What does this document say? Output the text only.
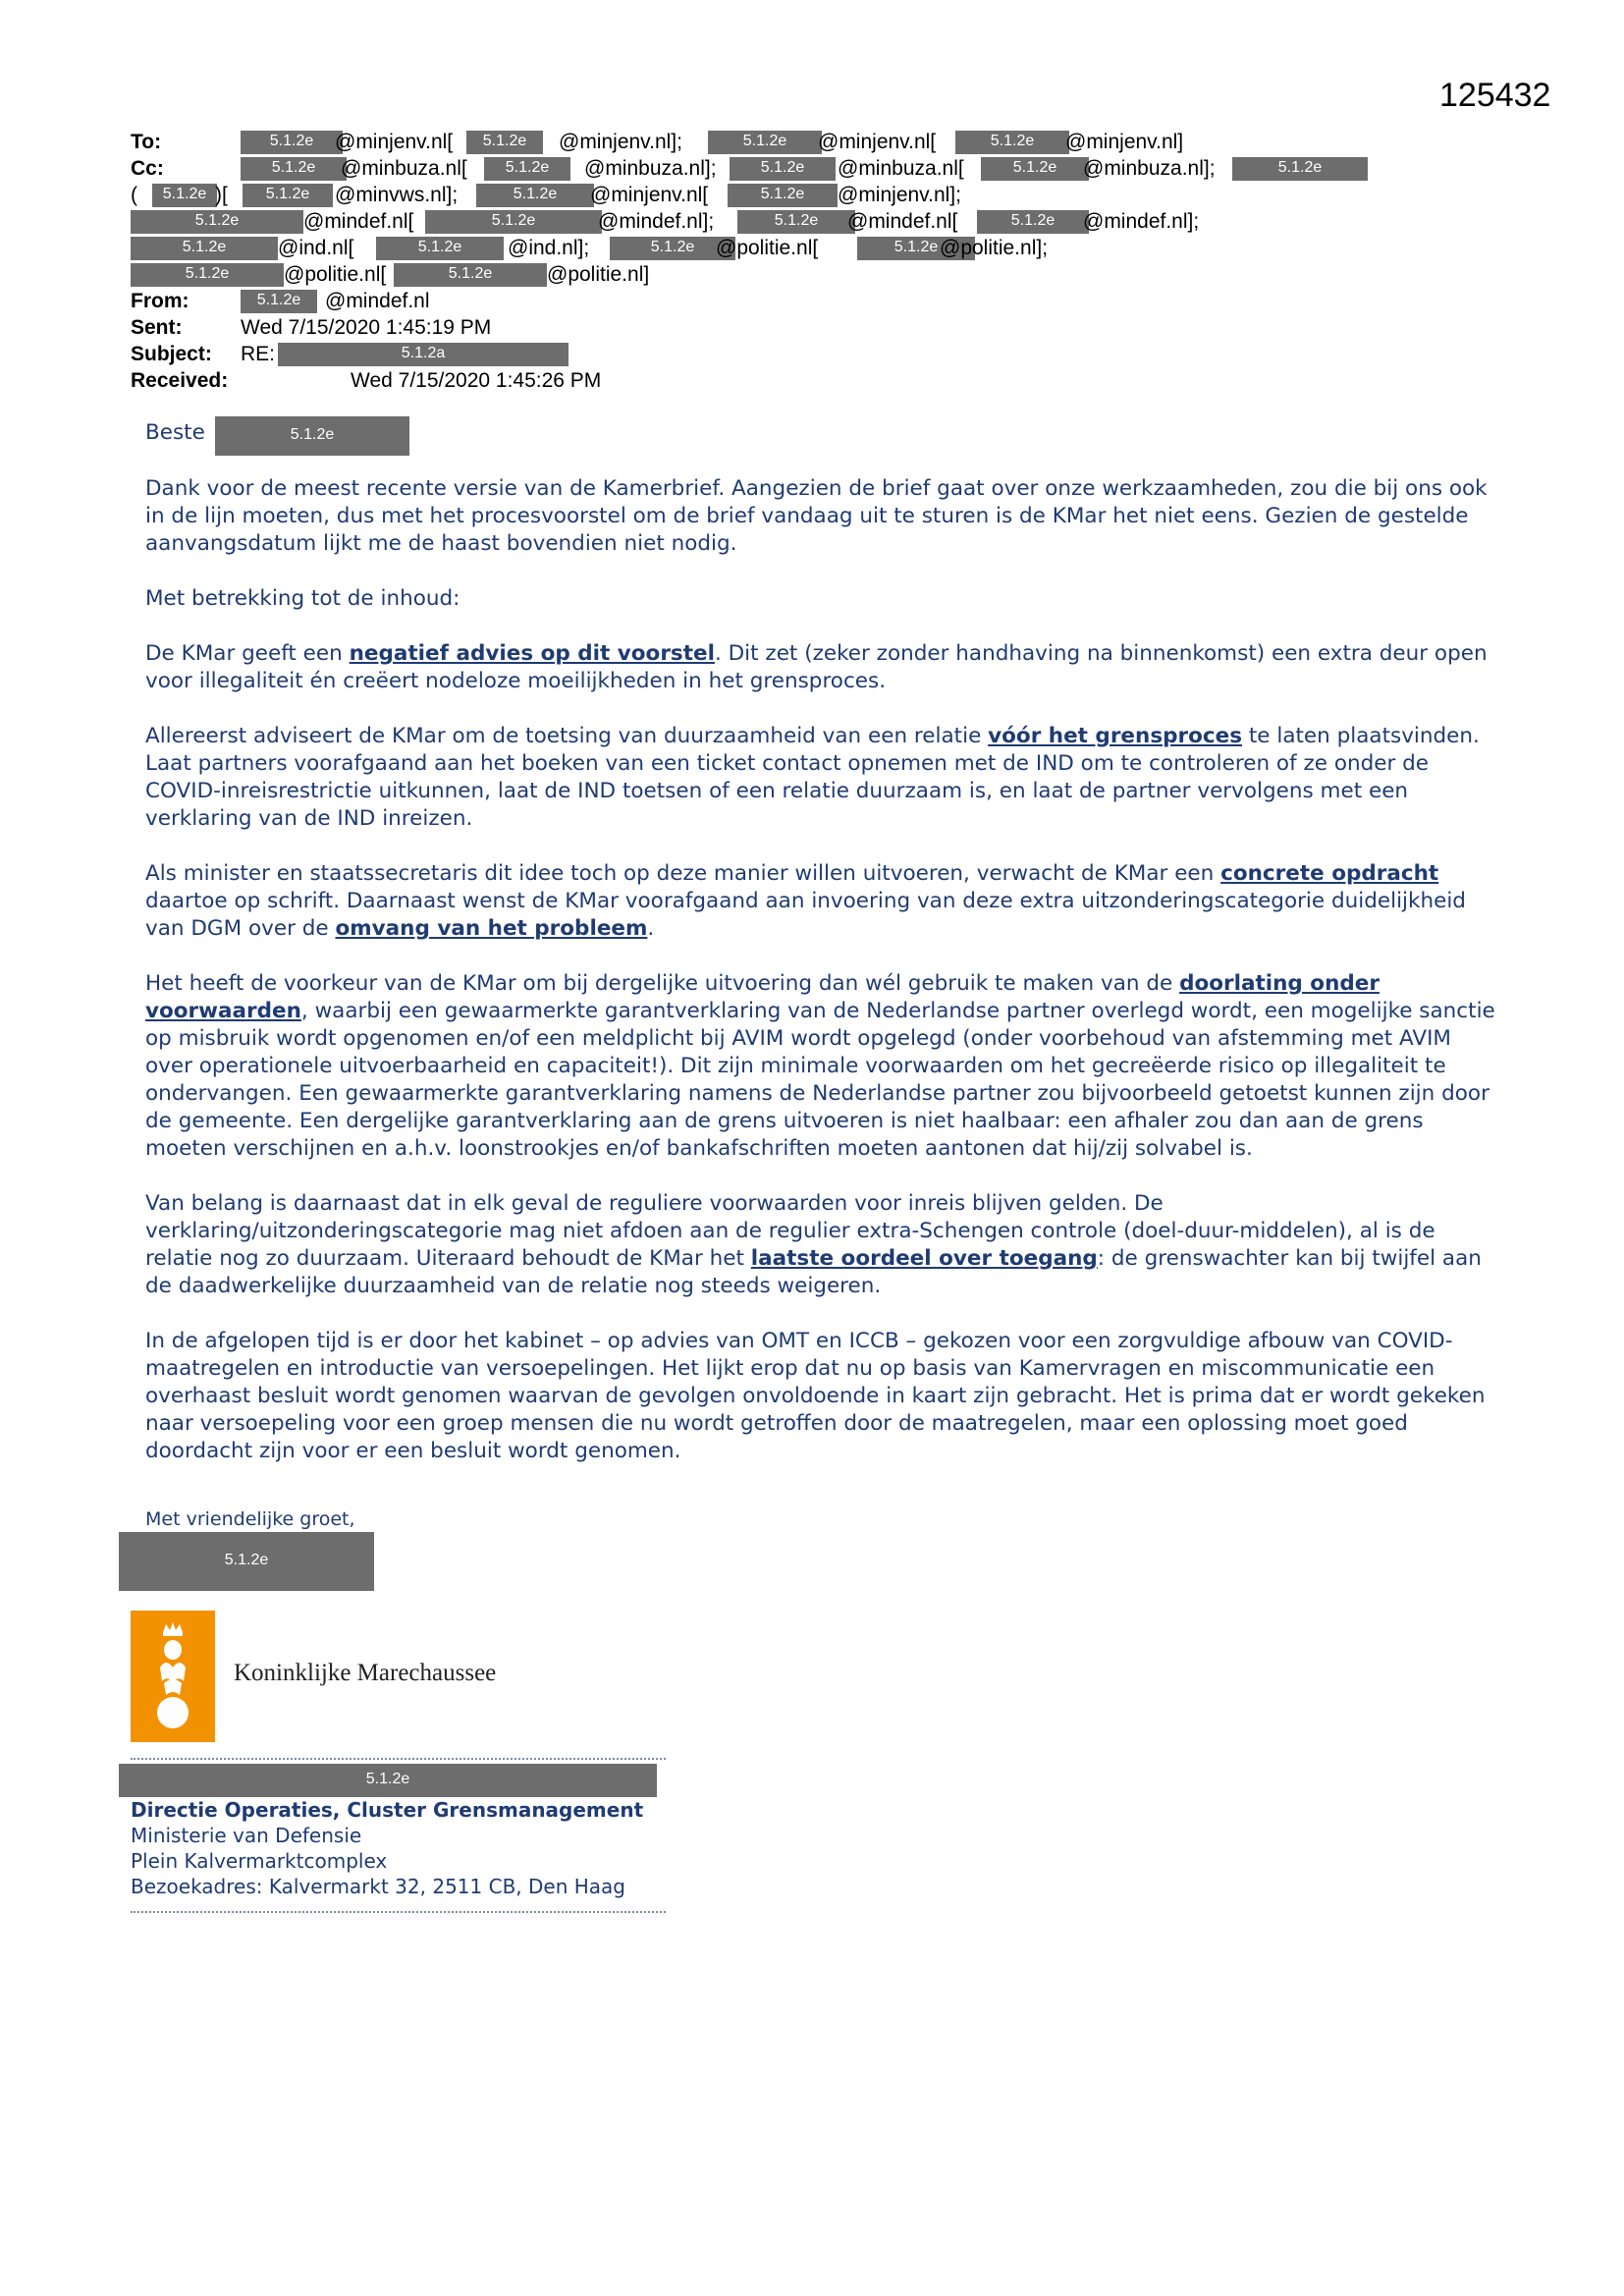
125432
To:	5.1.2e	@minjenv.nl[	5.1.2e	@minjenv.nl];	5.1.2e	@minjenv.nl[	5.1.2e	@minjenv.nl]
Cc:	5.1.2e	@minbuza.nl[	5.1.2e	@minbuza.nl];	5.1.2e	@minbuza.nl[	5.1.2e	@minbuza.nl];	5.1.2e
(	5.1.2e )[	5.1.2e	@minvws.nl];	5.1.2e	@minjenv.nl[	5.1.2e	@minjenv.nl];
5.1.2e	@mindef.nl[	5.1.2e	@mindef.nl];	5.1.2e	@mindef.nl[	5.1.2e	@mindef.nl];
5.1.2e	@ind.nl[	5.1.2e	@ind.nl];	5.1.2e	@politie.nl[	5.1.2e @politie.nl];
5.1.2e	@politie.nl[	5.1.2e	@politie.nl]
From:	5.1.2e	@mindef.nl
Sent:	Wed 7/15/2020 1:45:19 PM
Subject: RE:	5.1.2a
Received:	Wed 7/15/2020 1:45:26 PM
Beste	5.1.2e

Dank voor de meest recente versie van de Kamerbrief. Aangezien de brief gaat over onze werkzaamheden, zou die bij ons ook in de lijn moeten, dus met het procesvoorstel om de brief vandaag uit te sturen is de KMar het niet eens. Gezien de gestelde aanvangsdatum lijkt me de haast bovendien niet nodig.

Met betrekking tot de inhoud:

De KMar geeft een negatief advies op dit voorstel. Dit zet (zeker zonder handhaving na binnenkomst) een extra deur open voor illegaliteit én creëert nodeloze moeilijkheden in het grensproces.

Allereerst adviseert de KMar om de toetsing van duurzaamheid van een relatie vóór het grensproces te laten plaatsvinden. Laat partners voorafgaand aan het boeken van een ticket contact opnemen met de IND om te controleren of ze onder de COVID-inreisrestrictie uitkunnen, laat de IND toetsen of een relatie duurzaam is, en laat de partner vervolgens met een verklaring van de IND inreizen.

Als minister en staatssecretaris dit idee toch op deze manier willen uitvoeren, verwacht de KMar een concrete opdracht daartoe op schrift. Daarnaast wenst de KMar voorafgaand aan invoering van deze extra uitzonderingscategorie duidelijkheid van DGM over de omvang van het probleem.

Het heeft de voorkeur van de KMar om bij dergelijke uitvoering dan wél gebruik te maken van de doorlating onder voorwaarden, waarbij een gewaarmerkte garantverklaring van de Nederlandse partner overlegd wordt, een mogelijke sanctie op misbruik wordt opgenomen en/of een meldplicht bij AVIM wordt opgelegd (onder voorbehoud van afstemming met AVIM over operationele uitvoerbaarheid en capaciteit!). Dit zijn minimale voorwaarden om het gecreëerde risico op illegaliteit te ondervangen. Een gewaarmerkte garantverklaring namens de Nederlandse partner zou bijvoorbeeld getoetst kunnen zijn door de gemeente. Een dergelijke garantverklaring aan de grens uitvoeren is niet haalbaar: een afhaler zou dan aan de grens moeten verschijnen en a.h.v. loonstrookjes en/of bankafschriften moeten aantonen dat hij/zij solvabel is.

Van belang is daarnaast dat in elk geval de reguliere voorwaarden voor inreis blijven gelden. De verklaring/uitzonderingscategorie mag niet afdoen aan de regulier extra-Schengen controle (doel-duur-middelen), al is de relatie nog zo duurzaam. Uiteraard behoudt de KMar het laatste oordeel over toegang: de grenswachter kan bij twijfel aan de daadwerkelijke duurzaamheid van de relatie nog steeds weigeren.

In de afgelopen tijd is er door het kabinet – op advies van OMT en ICCB – gekozen voor een zorgvuldige afbouw van COVID-maatregelen en introductie van versoepelingen. Het lijkt erop dat nu op basis van Kamervragen en miscommunicatie een overhaast besluit wordt genomen waarvan de gevolgen onvoldoende in kaart zijn gebracht. Het is prima dat er wordt gekeken naar versoepeling voor een groep mensen die nu wordt getroffen door de maatregelen, maar een oplossing moet goed doordacht zijn voor er een besluit wordt genomen.

Met vriendelijke groet,
5.1.2e
Koninklijke Marechaussee
5.1.2e
Directie Operaties, Cluster Grensmanagement
Ministerie van Defensie
Plein Kalvermarktcomplex
Bezoekadres: Kalvermarkt 32, 2511 CB, Den Haag
